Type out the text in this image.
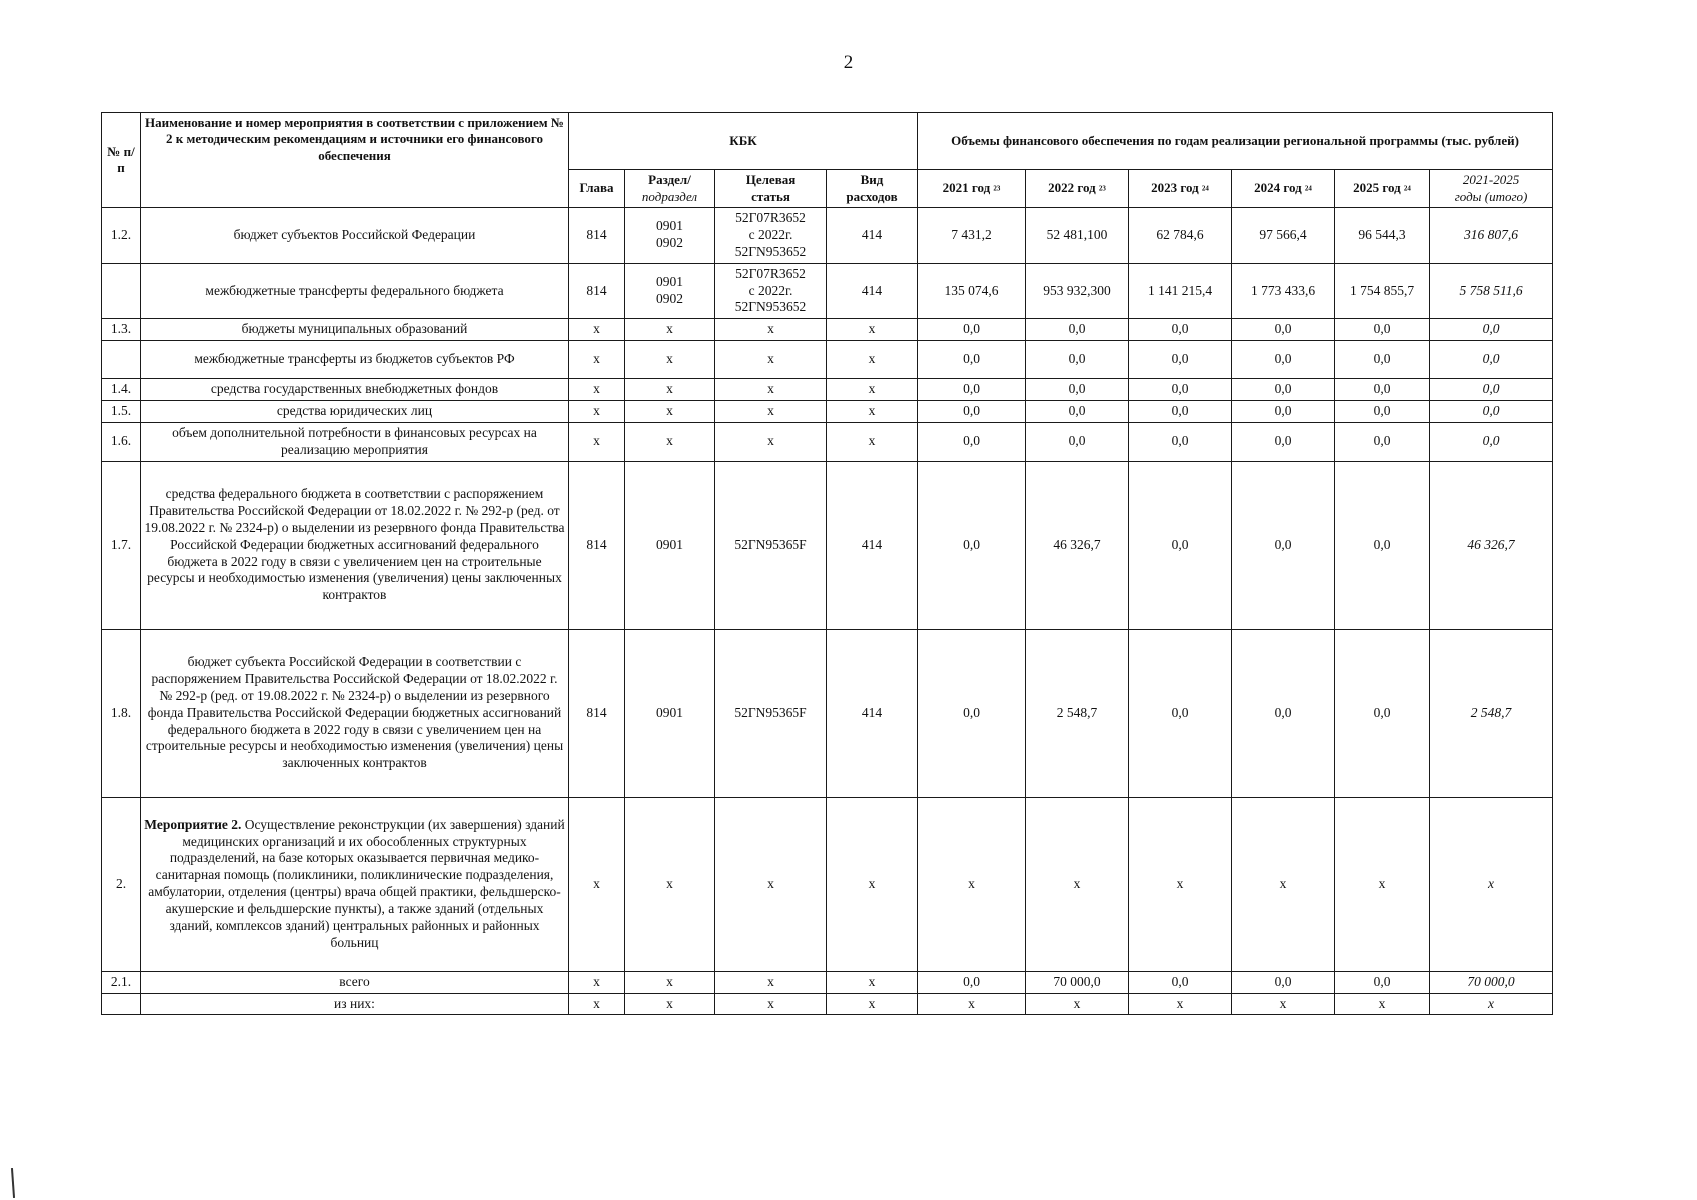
2
№ п/п	Наименование и номер мероприятия в соответствии с приложением № 2 к методическим рекомендациям и источники его финансового обеспечения	КБК				Объемы финансового обеспечения по годам реализации региональной программы (тыс. рублей)					
		Глава	Раздел/
подраздел	Целевая
статья	Вид
расходов	2021 год 23	2022 год 23	2023 год 24	2024 год 24	2025 год 24	2021-2025
годы (итого)
1.2.	бюджет субъектов Российской Федерации	814	0901
0902	52Г07R3652
с 2022г.
52ГN953652	414	7 431,2	52 481,100	62 784,6	97 566,4	96 544,3	316 807,6
	межбюджетные трансферты федерального бюджета	814	0901
0902	52Г07R3652
с 2022г.
52ГN953652	414	135 074,6	953 932,300	1 141 215,4	1 773 433,6	1 754 855,7	5 758 511,6
1.3.	бюджеты муниципальных образований	x	x	x	x	0,0	0,0	0,0	0,0	0,0	0,0
	межбюджетные трансферты из бюджетов субъектов РФ	x	x	x	x	0,0	0,0	0,0	0,0	0,0	0,0
1.4.	средства государственных внебюджетных фондов	x	x	x	x	0,0	0,0	0,0	0,0	0,0	0,0
1.5.	средства юридических лиц	x	x	x	x	0,0	0,0	0,0	0,0	0,0	0,0
1.6.	объем дополнительной потребности в финансовых ресурсах на реализацию мероприятия	x	x	x	x	0,0	0,0	0,0	0,0	0,0	0,0
1.7.	средства федерального бюджета в соответствии с распоряжением Правительства Российской Федерации от 18.02.2022 г. № 292-р (ред. от 19.08.2022 г. № 2324-р) о выделении из резервного фонда Правительства Российской Федерации бюджетных ассигнований федерального бюджета в 2022 году в связи с увеличением цен на строительные ресурсы и необходимостью изменения (увеличения) цены заключенных контрактов	814	0901	52ГN95365F	414	0,0	46 326,7	0,0	0,0	0,0	46 326,7
1.8.	бюджет субъекта Российской Федерации в соответствии с распоряжением Правительства Российской Федерации от 18.02.2022 г. № 292-р (ред. от 19.08.2022 г. № 2324-р) о выделении из резервного фонда Правительства Российской Федерации бюджетных ассигнований федерального бюджета в 2022 году в связи с увеличением цен на строительные ресурсы и необходимостью изменения (увеличения) цены заключенных контрактов	814	0901	52ГN95365F	414	0,0	2 548,7	0,0	0,0	0,0	2 548,7
2.	Мероприятие 2. Осуществление реконструкции (их завершения) зданий медицинских организаций и их обособленных структурных подразделений, на базе которых оказывается первичная медико-санитарная помощь (поликлиники, поликлинические подразделения, амбулатории, отделения (центры) врача общей практики, фельдшерско-акушерские и фельдшерские пункты), а также зданий (отдельных зданий, комплексов зданий) центральных районных и районных больниц	x	x	x	x	x	x	x	x	x	x
2.1.	всего	x	x	x	x	0,0	70 000,0	0,0	0,0	0,0	70 000,0
	из них:	x	x	x	x	x	x	x	x	x	x
